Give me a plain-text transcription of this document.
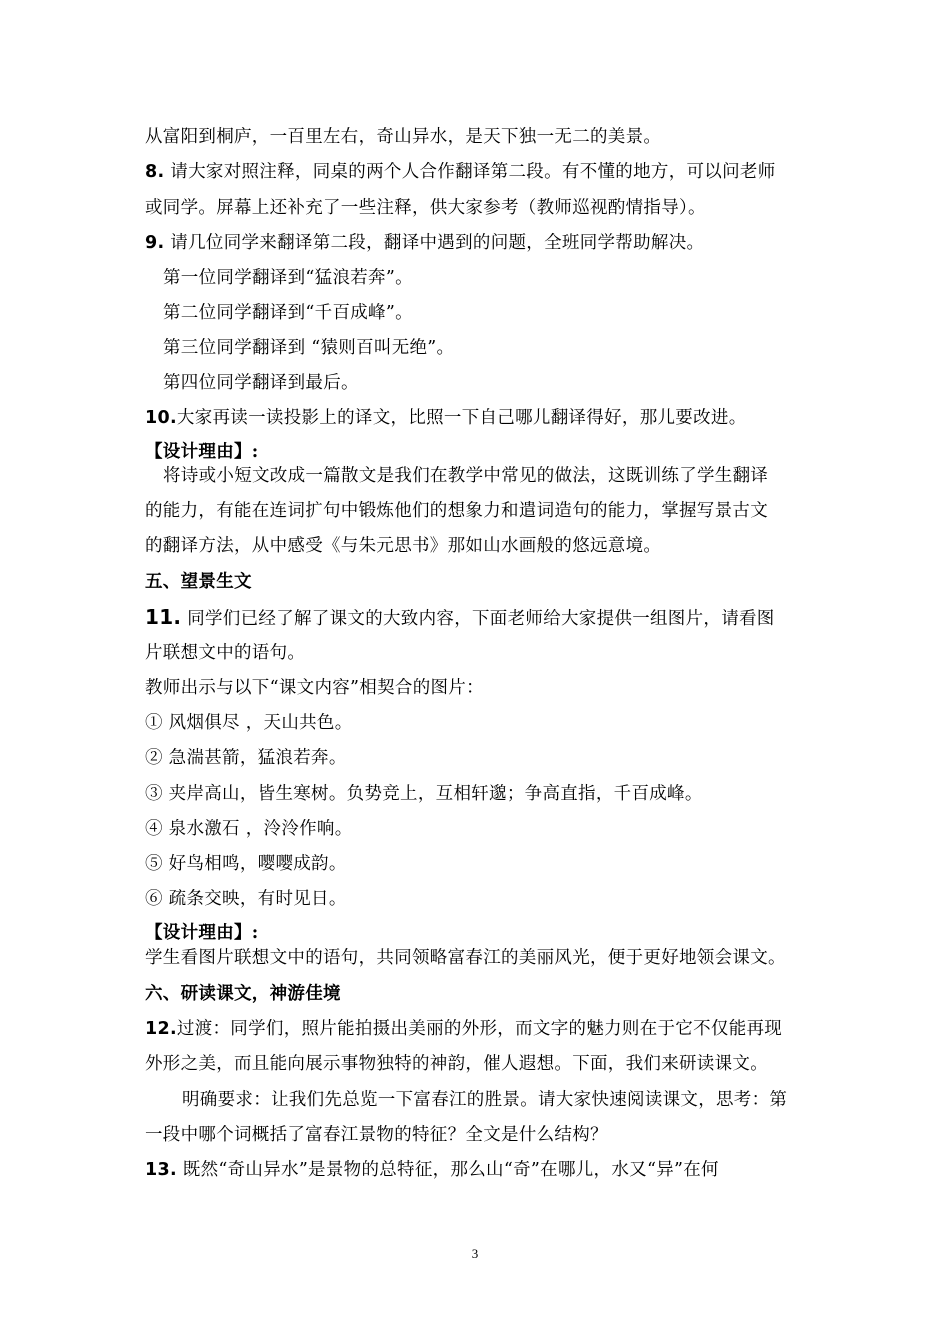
从富阳到桐庐，一百里左右，奇山异水，是天下独一无二的美景。
8. 请大家对照注释，同桌的两个人合作翻译第二段。有不懂的地方，可以问老师
或同学。屏幕上还补充了一些注释，供大家参考（教师巡视酌情指导）。
9. 请几位同学来翻译第二段，翻译中遇到的问题，全班同学帮助解决。
第一位同学翻译到“猛浪若奔”。
第二位同学翻译到“千百成峰”。
第三位同学翻译到 “猿则百叫无绝”。
第四位同学翻译到最后。
10.大家再读一读投影上的译文，比照一下自己哪儿翻译得好，那儿要改进。
【设计理由】:
将诗或小短文改成一篇散文是我们在教学中常见的做法，这既训练了学生翻译
的能力，有能在连词扩句中锻炼他们的想象力和遣词造句的能力，掌握写景古文
的翻译方法，从中感受《与朱元思书》那如山水画般的悠远意境。
五、望景生文
11. 同学们已经了解了课文的大致内容，下面老师给大家提供一组图片，请看图
片联想文中的语句。
教师出示与以下“课文内容”相契合的图片：
① 风烟俱尽 ，天山共色。
② 急湍甚箭，猛浪若奔。
③ 夹岸高山，皆生寒树。负势竞上，互相轩邈；争高直指，千百成峰。
④ 泉水激石 ，泠泠作响。
⑤ 好鸟相鸣，嘤嘤成韵。
⑥ 疏条交映，有时见日。
【设计理由】:
学生看图片联想文中的语句，共同领略富春江的美丽风光，便于更好地领会课文。
六、研读课文，神游佳境
12.过渡：同学们，照片能拍摄出美丽的外形，而文字的魅力则在于它不仅能再现
外形之美，而且能向展示事物独特的神韵，催人遐想。下面，我们来研读课文。
明确要求：让我们先总览一下富春江的胜景。请大家快速阅读课文，思考：第
一段中哪个词概括了富春江景物的特征？全文是什么结构？
13. 既然“奇山异水”是景物的总特征，那么山“奇”在哪儿，水又“异”在何
3
